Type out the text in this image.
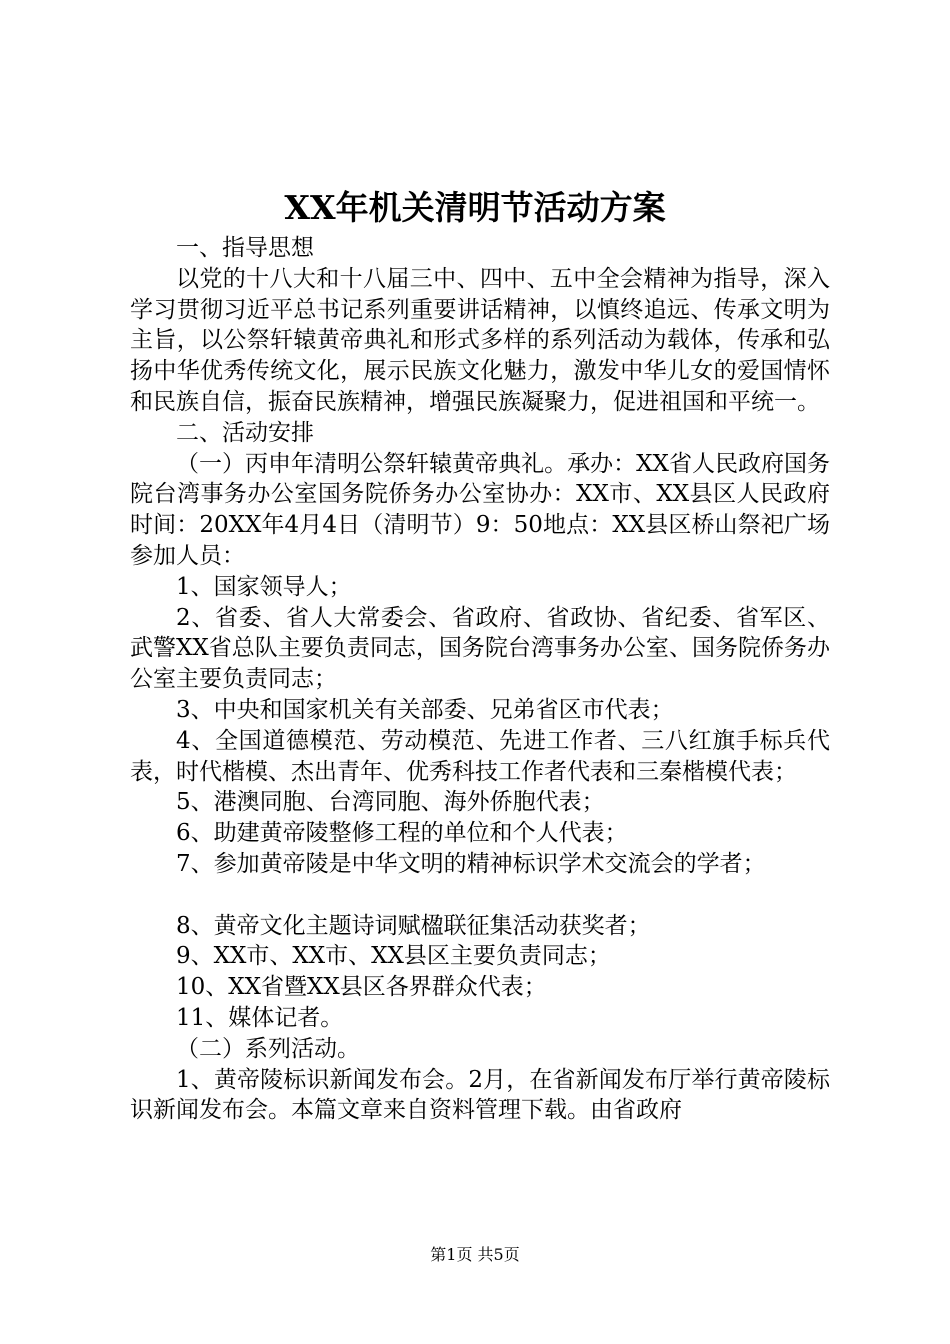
XX年机关清明节活动方案

一、指导思想

以党的十八大和十八届三中、四中、五中全会精神为指导，深入学习贯彻习近平总书记系列重要讲话精神，以慎终追远、传承文明为主旨，以公祭轩辕黄帝典礼和形式多样的系列活动为载体，传承和弘扬中华优秀传统文化，展示民族文化魅力，激发中华儿女的爱国情怀和民族自信，振奋民族精神，增强民族凝聚力，促进祖国和平统一。

二、活动安排

（一）丙申年清明公祭轩辕黄帝典礼。承办：XX省人民政府国务院台湾事务办公室国务院侨务办公室协办：XX市、XX县区人民政府时间：20XX年4月4日（清明节）9：50地点：XX县区桥山祭祀广场参加人员：

1、国家领导人；

2、省委、省人大常委会、省政府、省政协、省纪委、省军区、武警XX省总队主要负责同志，国务院台湾事务办公室、国务院侨务办公室主要负责同志；

3、中央和国家机关有关部委、兄弟省区市代表；

4、全国道德模范、劳动模范、先进工作者、三八红旗手标兵代表，时代楷模、杰出青年、优秀科技工作者代表和三秦楷模代表；

5、港澳同胞、台湾同胞、海外侨胞代表；

6、助建黄帝陵整修工程的单位和个人代表；

7、参加黄帝陵是中华文明的精神标识学术交流会的学者；

8、黄帝文化主题诗词赋楹联征集活动获奖者；

9、XX市、XX市、XX县区主要负责同志；

10、XX省暨XX县区各界群众代表；

11、媒体记者。

（二）系列活动。

1、黄帝陵标识新闻发布会。2月，在省新闻发布厅举行黄帝陵标识新闻发布会。本篇文章来自资料管理下载。由省政府

第1页 共5页
